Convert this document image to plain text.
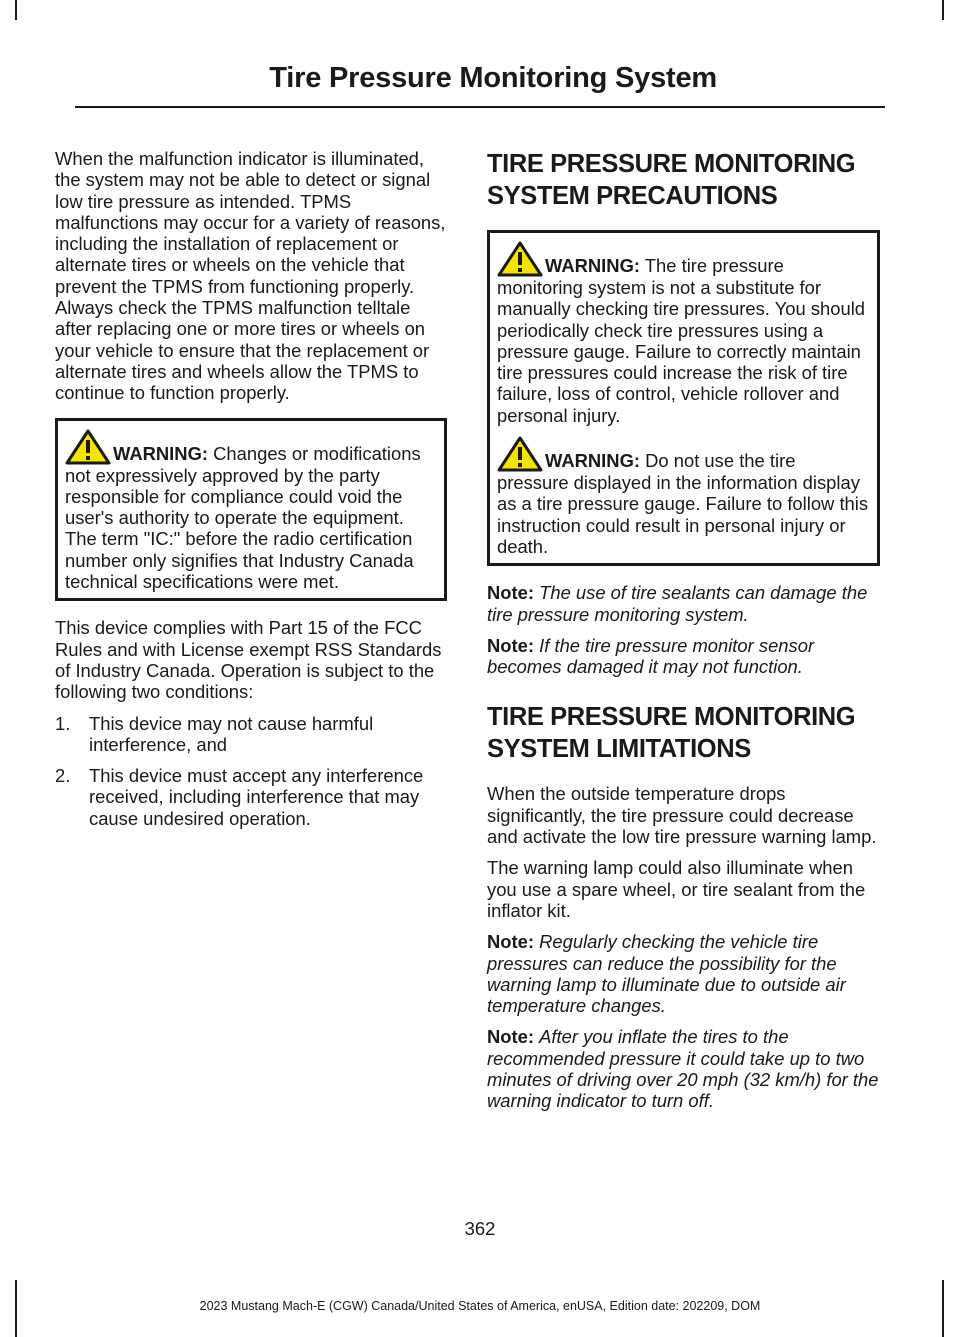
Tire Pressure Monitoring System

When the malfunction indicator is illuminated, the system may not be able to detect or signal low tire pressure as intended. TPMS malfunctions may occur for a variety of reasons, including the installation of replacement or alternate tires or wheels on the vehicle that prevent the TPMS from functioning properly. Always check the TPMS malfunction telltale after replacing one or more tires or wheels on your vehicle to ensure that the replacement or alternate tires and wheels allow the TPMS to continue to function properly.

WARNING: Changes or modifications not expressively approved by the party responsible for compliance could void the user's authority to operate the equipment. The term "IC:" before the radio certification number only signifies that Industry Canada technical specifications were met.

This device complies with Part 15 of the FCC Rules and with License exempt RSS Standards of Industry Canada. Operation is subject to the following two conditions:

1. This device may not cause harmful interference, and
2. This device must accept any interference received, including interference that may cause undesired operation.
TIRE PRESSURE MONITORING
SYSTEM PRECAUTIONS

WARNING: The tire pressure monitoring system is not a substitute for manually checking tire pressures. You should periodically check tire pressures using a pressure gauge. Failure to correctly maintain tire pressures could increase the risk of tire failure, loss of control, vehicle rollover and personal injury.

WARNING: Do not use the tire pressure displayed in the information display as a tire pressure gauge. Failure to follow this instruction could result in personal injury or death.

Note: The use of tire sealants can damage the tire pressure monitoring system.

Note: If the tire pressure monitor sensor becomes damaged it may not function.

TIRE PRESSURE MONITORING
SYSTEM LIMITATIONS

When the outside temperature drops significantly, the tire pressure could decrease and activate the low tire pressure warning lamp.

The warning lamp could also illuminate when you use a spare wheel, or tire sealant from the inflator kit.

Note: Regularly checking the vehicle tire pressures can reduce the possibility for the warning lamp to illuminate due to outside air temperature changes.

Note: After you inflate the tires to the recommended pressure it could take up to two minutes of driving over 20 mph (32 km/h) for the warning indicator to turn off.

362
2023 Mustang Mach-E (CGW) Canada/United States of America, enUSA, Edition date: 202209, DOM
